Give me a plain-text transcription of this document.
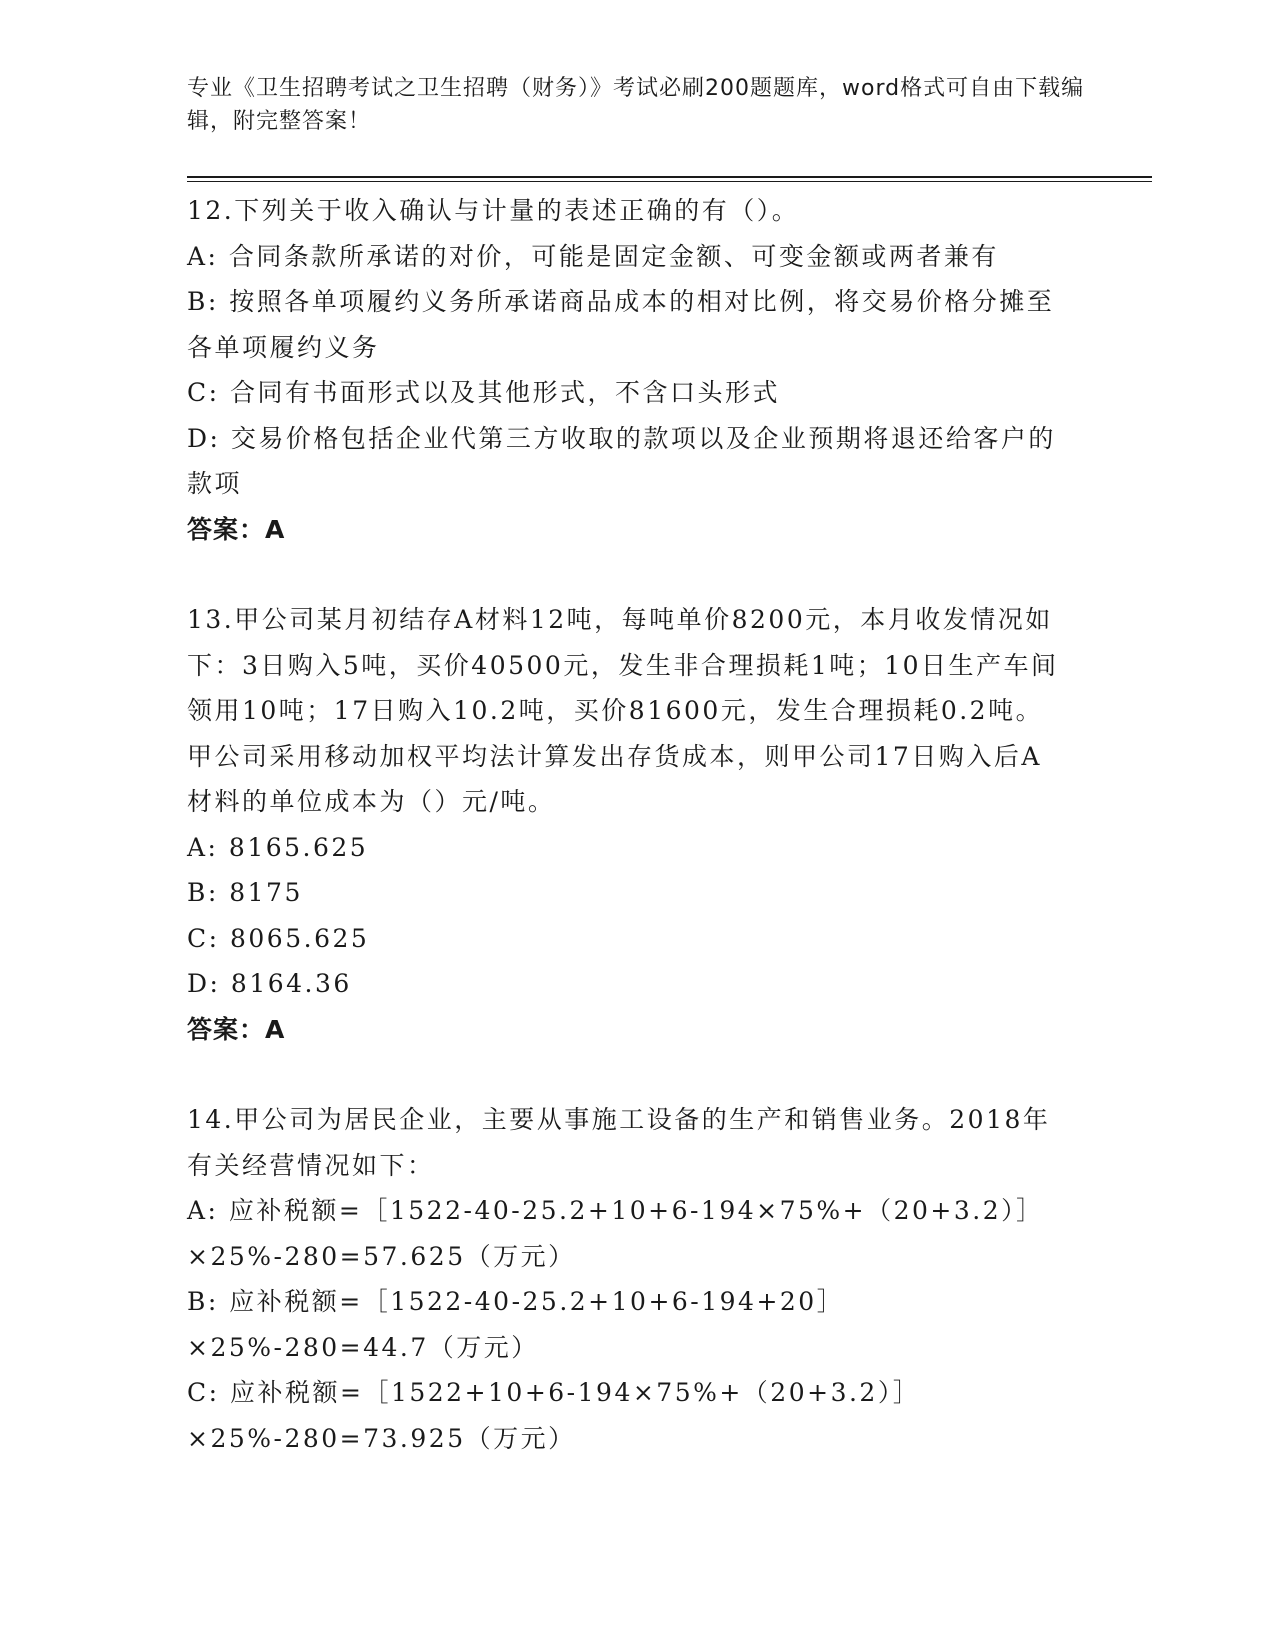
专业《卫生招聘考试之卫生招聘（财务）》考试必刷200题题库，word格式可自由下载编辑，附完整答案！
12.下列关于收入确认与计量的表述正确的有（）。
A: 合同条款所承诺的对价，可能是固定金额、可变金额或两者兼有
B: 按照各单项履约义务所承诺商品成本的相对比例，将交易价格分摊至各单项履约义务
C: 合同有书面形式以及其他形式，不含口头形式
D: 交易价格包括企业代第三方收取的款项以及企业预期将退还给客户的款项
答案：A
13.甲公司某月初结存A材料12吨，每吨单价8200元，本月收发情况如下：3日购入5吨，买价40500元，发生非合理损耗1吨；10日生产车间领用10吨；17日购入10.2吨，买价81600元，发生合理损耗0.2吨。甲公司采用移动加权平均法计算发出存货成本，则甲公司17日购入后A材料的单位成本为（）元/吨。
A: 8165.625
B: 8175
C: 8065.625
D: 8164.36
答案：A
14.甲公司为居民企业，主要从事施工设备的生产和销售业务。2018年有关经营情况如下：
A: 应补税额=［1522-40-25.2+10+6-194×75%+（20+3.2）］×25%-280=57.625（万元）
B: 应补税额=［1522-40-25.2+10+6-194+20］×25%-280=44.7（万元）
C: 应补税额=［1522+10+6-194×75%+（20+3.2）］×25%-280=73.925（万元）
